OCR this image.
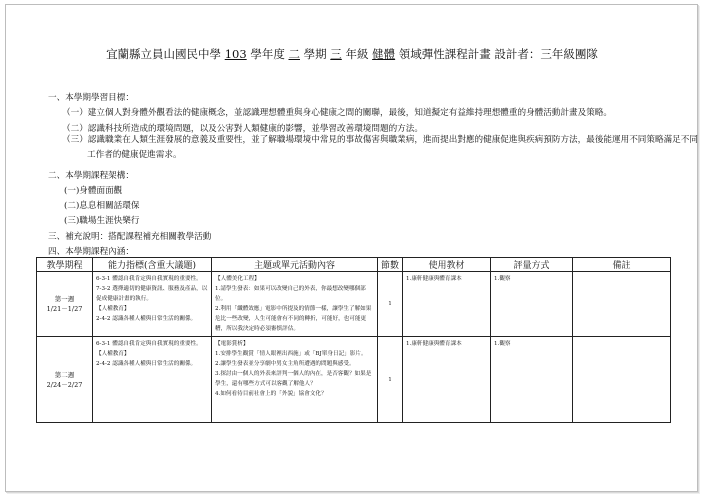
宜蘭縣立員山國民中學 103 學年度 二 學期 三 年級 健體 領域彈性課程計畫 設計者：三年級團隊
一、本學期學習目標：
（一）建立個人對身體外觀看法的健康概念，並認識理想體重與身心健康之間的關聯，最後，知道擬定有益維持理想體重的身體活動計畫及策略。
（二）認識科技所造成的環境問題，以及公害對人類健康的影響，並學習改善環境問題的方法。
（三）認識職業在人類生涯發展的意義及重要性，並了解職場環境中常見的事故傷害與職業病，進而提出對應的健康促進與疾病預防方法，最後能運用不同策略滿足不同工作者的健康促進需求。
二、本學期課程架構：
(一)身體面面觀
(二)息息相關話環保
(三)職場生涯快樂行
三、補充說明：搭配課程補充相關教學活動
四、本學期課程內涵：
教學期程	能力指標(含重大議題)	主題或單元活動內容	節數	使用教材	評量方式	備註

第一週
1/21－1/27	6-3-1 體認自我肯定與自我實現的重要性。
7-3-2 選擇適切的健康資訊、服務及產品，以促成健康計畫的執行。
【人權教育】
2-4-2 認識各種人權與日常生活的關係。	【人體美化工程】
1.請學生發表：如果可以改變自己的外表，你最想改變哪個部位。
2.利用「纖體效應」電影中所提及的情節一樣，讓學生了解如果危比一些改變，人生可能會有不同的轉折，可能好，也可能更糟，所以我決定時必須審慎評估。	1	1.康軒健康與體育課本	1.觀察	

第二週
2/24－2/27	6-3-1 體認自我肯定與自我實現的重要性。
【人權教育】
2-4-2 認識各種人權與日常生活的關係。	【電影賞析】
1.安排學生觀賞「情人眼裡出西施」或「BJ單身日記」影片。
2.讓學生發表並分享劇中男女主角所遭遇的問題與感受。
3.探討由一個人的外表來評判一個人的內在，是否客觀？如果是學生，還有哪些方式可以客觀了解他人？
4.如何看待目前社會上的「外貌」協會文化？	1	1.康軒健康與體育課本	1.觀察	
